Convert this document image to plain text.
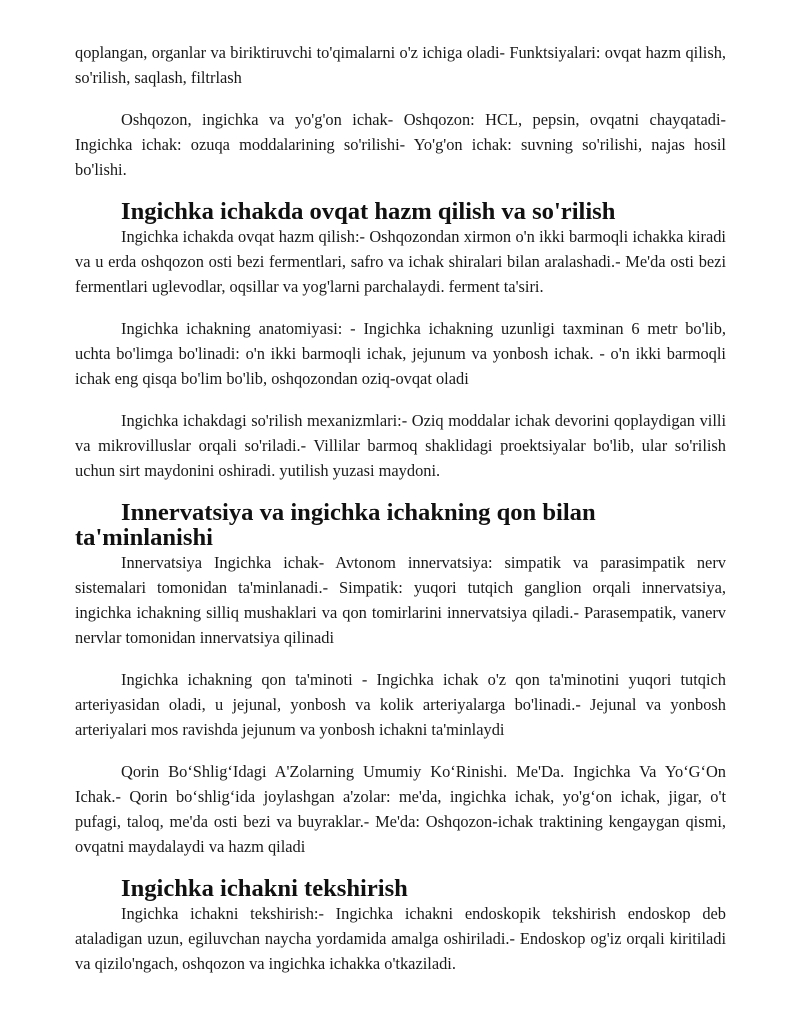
qoplangan, organlar va biriktiruvchi to'qimalarni o'z ichiga oladi- Funktsiyalari: ovqat hazm qilish, so'rilish, saqlash, filtrlash

Oshqozon, ingichka va yo'g'on ichak- Oshqozon: HCL, pepsin, ovqatni chayqatadi- Ingichka ichak: ozuqa moddalarining so'rilishi- Yo'g'on ichak: suvning so'rilishi, najas hosil bo'lishi.

Ingichka ichakda ovqat hazm qilish va so'rilish

Ingichka ichakda ovqat hazm qilish:- Oshqozondan xirmon o'n ikki barmoqli ichakka kiradi va u erda oshqozon osti bezi fermentlari, safro va ichak shiralari bilan aralashadi.- Me'da osti bezi fermentlari uglevodlar, oqsillar va yog'larni parchalaydi. ferment ta'siri.

Ingichka ichakning anatomiyasi: - Ingichka ichakning uzunligi taxminan 6 metr bo'lib, uchta bo'limga bo'linadi: o'n ikki barmoqli ichak, jejunum va yonbosh ichak. - o'n ikki barmoqli ichak eng qisqa bo'lim bo'lib, oshqozondan oziq-ovqat oladi

Ingichka ichakdagi so'rilish mexanizmlari:- Oziq moddalar ichak devorini qoplaydigan villi va mikrovilluslar orqali so'riladi.- Villilar barmoq shaklidagi proektsiyalar bo'lib, ular so'rilish uchun sirt maydonini oshiradi. yutilish yuzasi maydoni.

Innervatsiya va ingichka ichakning qon bilan ta'minlanishi

Innervatsiya Ingichka ichak- Avtonom innervatsiya: simpatik va parasimpatik nerv sistemalari tomonidan ta'minlanadi.- Simpatik: yuqori tutqich ganglion orqali innervatsiya, ingichka ichakning silliq mushaklari va qon tomirlarini innervatsiya qiladi.- Parasempatik, vanerv nervlar tomonidan innervatsiya qilinadi

Ingichka ichakning qon ta'minoti - Ingichka ichak o'z qon ta'minotini yuqori tutqich arteriyasidan oladi, u jejunal, yonbosh va kolik arteriyalarga bo'linadi.- Jejunal va yonbosh arteriyalari mos ravishda jejunum va yonbosh ichakni ta'minlaydi

Qorin Bo‘Shlig‘Idagi A'Zolarning Umumiy Ko‘Rinishi. Me'Da. Ingichka Va Yo‘G‘On Ichak.- Qorin bo‘shlig‘ida joylashgan a'zolar: me'da, ingichka ichak, yo'g‘on ichak, jigar, o't pufagi, taloq, me'da osti bezi va buyraklar.- Me'da: Oshqozon-ichak traktining kengaygan qismi, ovqatni maydalaydi va hazm qiladi

Ingichka ichakni tekshirish

Ingichka ichakni tekshirish:- Ingichka ichakni endoskopik tekshirish endoskop deb ataladigan uzun, egiluvchan naycha yordamida amalga oshiriladi.- Endoskop og'iz orqali kiritiladi va qizilo'ngach, oshqozon va ingichka ichakka o'tkaziladi.
